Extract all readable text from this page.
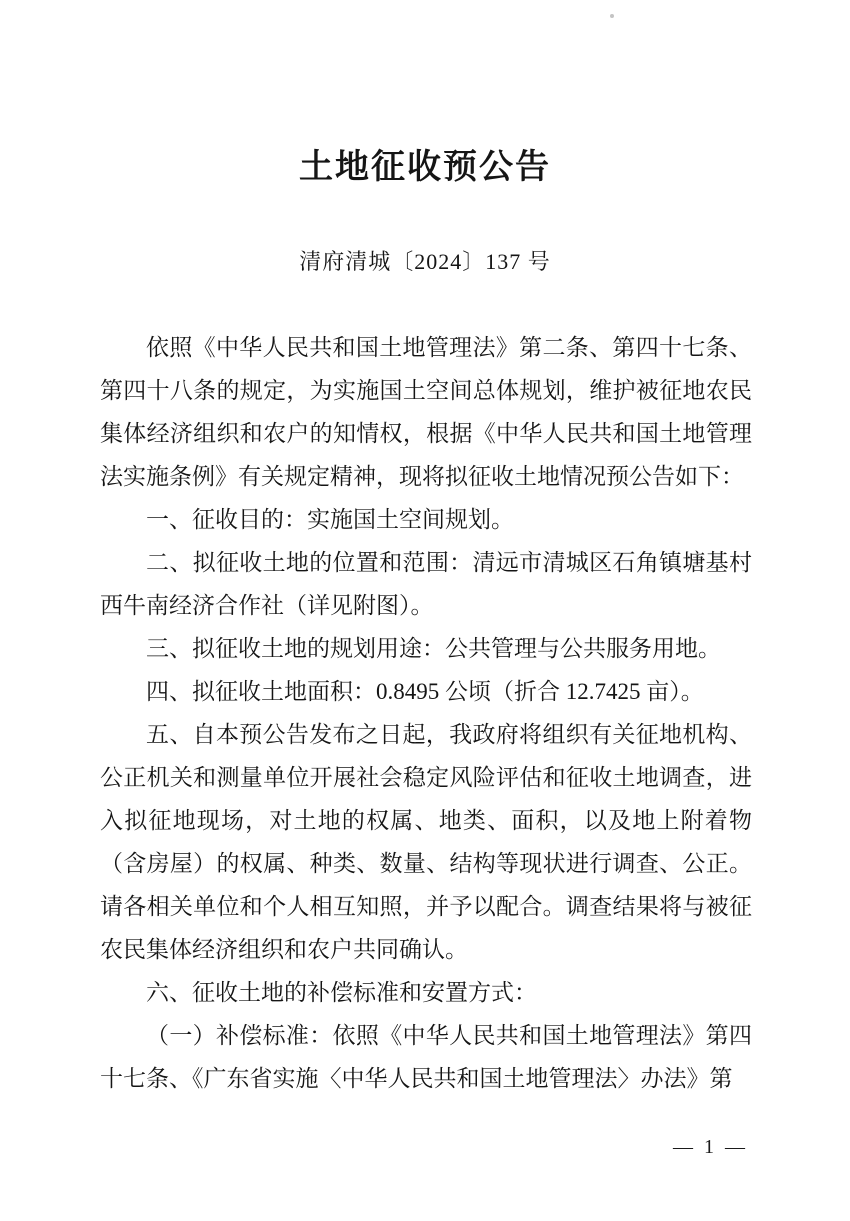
土地征收预公告
清府清城〔2024〕137 号

依照《中华人民共和国土地管理法》第二条、第四十七条、第四十八条的规定，为实施国土空间总体规划，维护被征地农民集体经济组织和农户的知情权，根据《中华人民共和国土地管理法实施条例》有关规定精神，现将拟征收土地情况预公告如下：

一、征收目的：实施国土空间规划。

二、拟征收土地的位置和范围：清远市清城区石角镇塘基村西牛南经济合作社（详见附图）。

三、拟征收土地的规划用途：公共管理与公共服务用地。

四、拟征收土地面积：0.8495 公顷（折合 12.7425 亩）。

五、自本预公告发布之日起，我政府将组织有关征地机构、公正机关和测量单位开展社会稳定风险评估和征收土地调查，进入拟征地现场，对土地的权属、地类、面积，以及地上附着物（含房屋）的权属、种类、数量、结构等现状进行调查、公正。请各相关单位和个人相互知照，并予以配合。调查结果将与被征农民集体经济组织和农户共同确认。

六、征收土地的补偿标准和安置方式：

（一）补偿标准：依照《中华人民共和国土地管理法》第四十七条、《广东省实施〈中华人民共和国土地管理法〉办法》第

— 1 —
